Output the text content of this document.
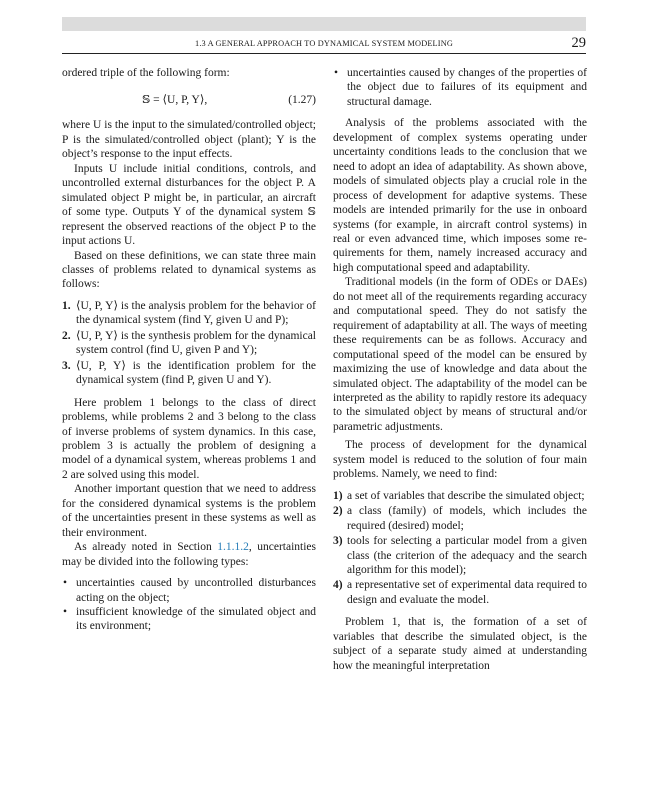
1.3 A GENERAL APPROACH TO DYNAMICAL SYSTEM MODELING	29

ordered triple of the following form:

𝕊 = ⟨U, P, Y⟩,	(1.27)

where U is the input to the simulated/controlled object; P is the simulated/controlled object (plant); Y is the object’s response to the input effects.

Inputs U include initial conditions, controls, and uncontrolled external disturbances for the object P. A simulated object P might be, in particular, an aircraft of some type. Outputs Y of the dynamical system 𝕊 represent the observed reactions of the object P to the input actions U.

Based on these definitions, we can state three main classes of problems related to dynamical systems as follows:

1. ⟨U, P, Y⟩ is the analysis problem for the behavior of the dynamical system (find Y, given U and P);
2. ⟨U, P, Y⟩ is the synthesis problem for the dynamical system control (find U, given P and Y);
3. ⟨U, P, Y⟩ is the identification problem for the dynamical system (find P, given U and Y).

Here problem 1 belongs to the class of direct problems, while problems 2 and 3 belong to the class of inverse problems of system dynamics. In this case, problem 3 is actually the problem of designing a model of a dynamical system, whereas problems 1 and 2 are solved using this model.

Another important question that we need to address for the considered dynamical systems is the problem of the uncertainties present in these systems as well as their environment.

As already noted in Section 1.1.1.2, uncertainties may be divided into the following types:

• uncertainties caused by uncontrolled disturbances acting on the object;
• insufficient knowledge of the simulated object and its environment;
• uncertainties caused by changes of the properties of the object due to failures of its equipment and structural damage.

Analysis of the problems associated with the development of complex systems operating under uncertainty conditions leads to the conclusion that we need to adopt an idea of adaptability. As shown above, models of simulated objects play a crucial role in the process of development for adaptive systems. These models are intended primarily for the use in onboard systems (for example, in aircraft control systems) in real or even advanced time, which imposes some requirements for them, namely increased accuracy and high computational speed and adaptability.

Traditional models (in the form of ODEs or DAEs) do not meet all of the requirements regarding accuracy and computational speed. They do not satisfy the requirement of adaptability at all. The ways of meeting these requirements can be as follows. Accuracy and computational speed of the model can be ensured by maximizing the use of knowledge and data about the simulated object. The adaptability of the model can be interpreted as the ability to rapidly restore its adequacy to the simulated object by means of structural and/or parametric adjustments.

The process of development for the dynamical system model is reduced to the solution of four main problems. Namely, we need to find:

1) a set of variables that describe the simulated object;
2) a class (family) of models, which includes the required (desired) model;
3) tools for selecting a particular model from a given class (the criterion of the adequacy and the search algorithm for this model);
4) a representative set of experimental data required to design and evaluate the model.

Problem 1, that is, the formation of a set of variables that describe the simulated object, is the subject of a separate study aimed at understanding how the meaningful interpretation
